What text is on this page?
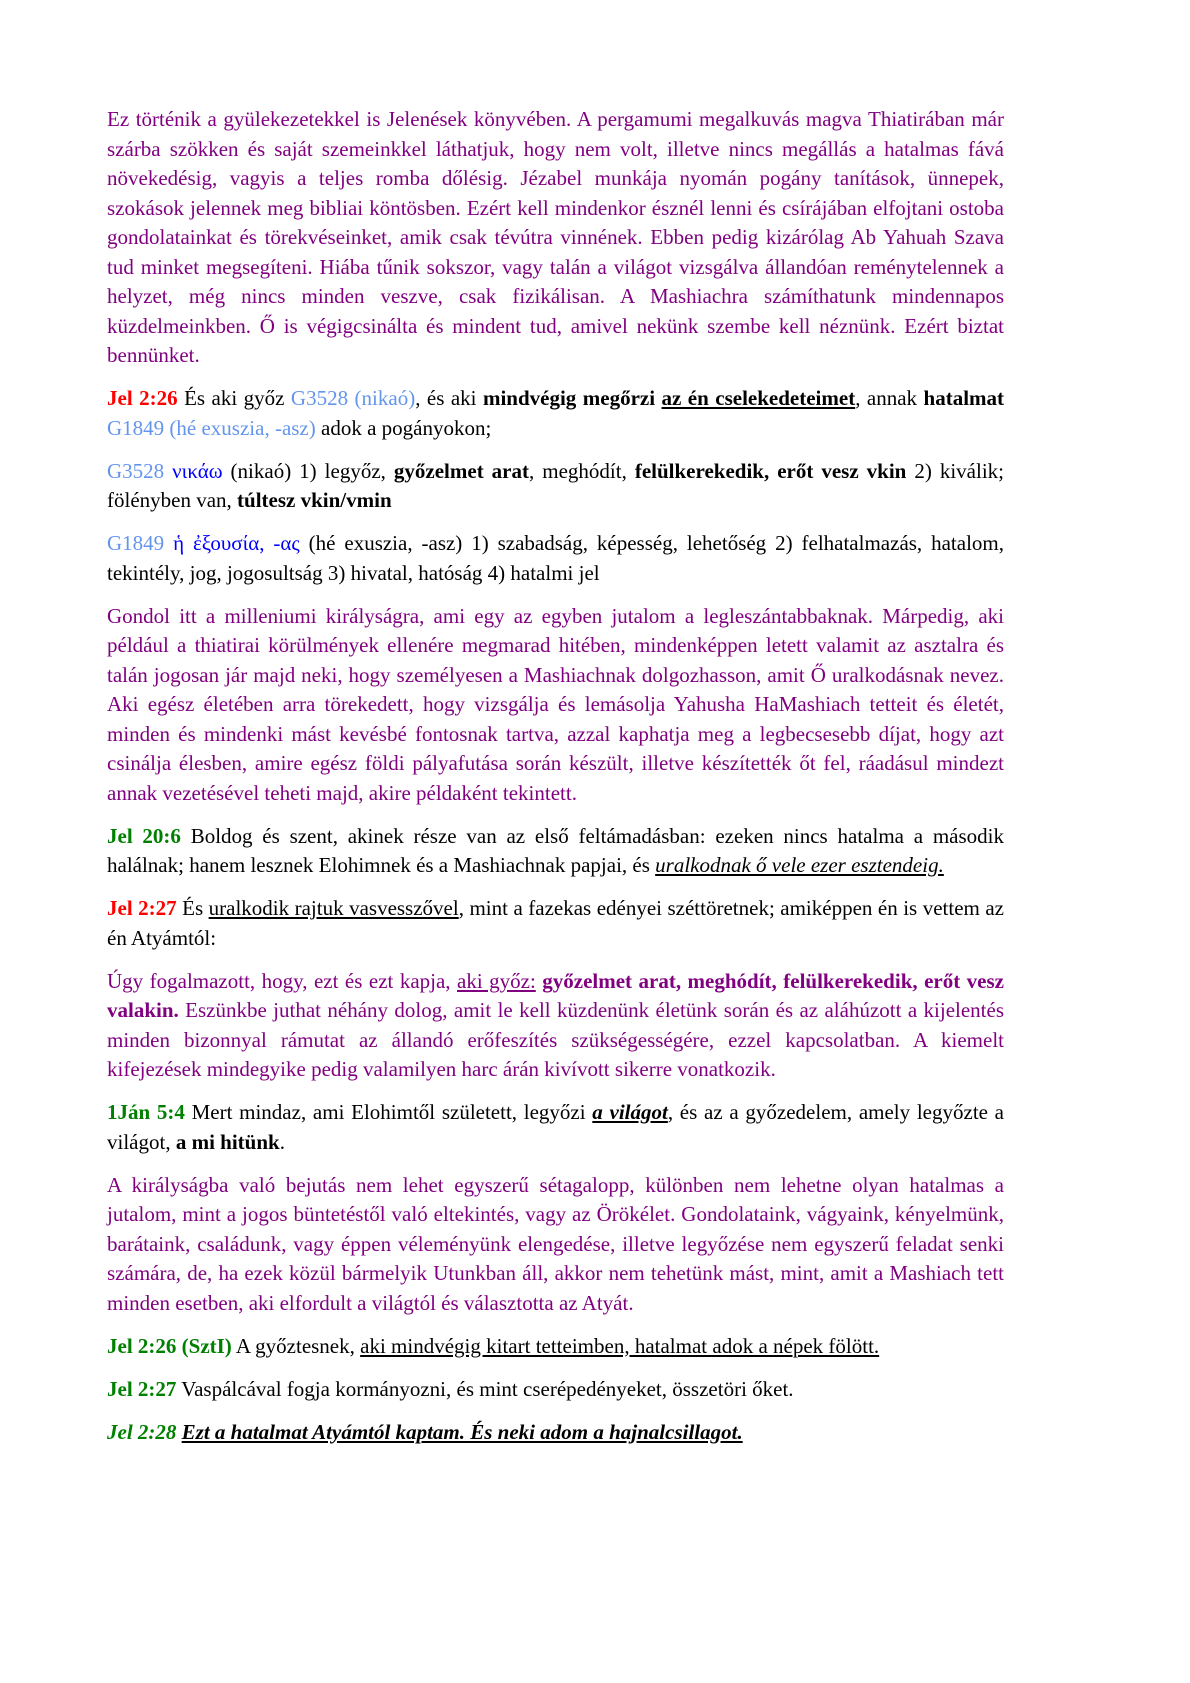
Ez történik a gyülekezetekkel is Jelenések könyvében. A pergamumi megalkuvás magva Thiatirában már szárba szökken és saját szemeinkkel láthatjuk, hogy nem volt, illetve nincs megállás a hatalmas fává növekedésig, vagyis a teljes romba dőlésig. Jézabel munkája nyomán pogány tanítások, ünnepek, szokások jelennek meg bibliai köntösben. Ezért kell mindenkor észnél lenni és csírájában elfojtani ostoba gondolatainkat és törekvéseinket, amik csak tévútra vinnének. Ebben pedig kizárólag Ab Yahuah Szava tud minket megsegíteni. Hiába tűnik sokszor, vagy talán a világot vizsgálva állandóan reménytelennek a helyzet, még nincs minden veszve, csak fizikálisan. A Mashiachra számíthatunk mindennapos küzdelmeinkben. Ő is végigcsinálta és mindent tud, amivel nekünk szembe kell néznünk. Ezért biztat bennünket.

Jel 2:26 És aki győz G3528 (nikaó), és aki mindvégig megőrzi az én cselekedeteimet, annak hatalmat G1849 (hé exuszia, -asz) adok a pogányokon;

G3528 νικάω (nikaó) 1) legyőz, győzelmet arat, meghódít, felülkerekedik, erőt vesz vkin 2) kiválik; fölényben van, túltesz vkin/vmin

G1849 ἡ ἐξουσία, -ας (hé exuszia, -asz) 1) szabadság, képesség, lehetőség 2) felhatalmazás, hatalom, tekintély, jog, jogosultság 3) hivatal, hatóság 4) hatalmi jel

Gondol itt a milleniumi királyságra, ami egy az egyben jutalom a legleszántabbaknak. Márpedig, aki például a thiatirai körülmények ellenére megmarad hitében, mindenképpen letett valamit az asztalra és talán jogosan jár majd neki, hogy személyesen a Mashiachnak dolgozhasson, amit Ő uralkodásnak nevez. Aki egész életében arra törekedett, hogy vizsgálja és lemásolja Yahusha HaMashiach tetteit és életét, minden és mindenki mást kevésbé fontosnak tartva, azzal kaphatja meg a legbecsesebb díjat, hogy azt csinálja élesben, amire egész földi pályafutása során készült, illetve készítették őt fel, ráadásul mindezt annak vezetésével teheti majd, akire példaként tekintett.

Jel 20:6 Boldog és szent, akinek része van az első feltámadásban: ezeken nincs hatalma a második halálnak; hanem lesznek Elohimnek és a Mashiachnak papjai, és uralkodnak ő vele ezer esztendeig.

Jel 2:27 És uralkodik rajtuk vasvesszővel, mint a fazekas edényei széttöretnek; amiképpen én is vettem az én Atyámtól:

Úgy fogalmazott, hogy, ezt és ezt kapja, aki győz: győzelmet arat, meghódít, felülkerekedik, erőt vesz valakin. Eszünkbe juthat néhány dolog, amit le kell küzdenünk életünk során és az aláhúzott a kijelentés minden bizonnyal rámutat az állandó erőfeszítés szükségességére, ezzel kapcsolatban. A kiemelt kifejezések mindegyike pedig valamilyen harc árán kivívott sikerre vonatkozik.

1Ján 5:4 Mert mindaz, ami Elohimtől született, legyőzi a világot, és az a győzedelem, amely legyőzte a világot, a mi hitünk.

A királyságba való bejutás nem lehet egyszerű sétagalopp, különben nem lehetne olyan hatalmas a jutalom, mint a jogos büntetéstől való eltekintés, vagy az Örökélet. Gondolataink, vágyaink, kényelmünk, barátaink, családunk, vagy éppen véleményünk elengedése, illetve legyőzése nem egyszerű feladat senki számára, de, ha ezek közül bármelyik Utunkban áll, akkor nem tehetünk mást, mint, amit a Mashiach tett minden esetben, aki elfordult a világtól és választotta az Atyát.

Jel 2:26 (SztI) A győztesnek, aki mindvégig kitart tetteimben, hatalmat adok a népek fölött.

Jel 2:27 Vaspálcával fogja kormányozni, és mint cserépedényeket, összetöri őket.

Jel 2:28 Ezt a hatalmat Atyámtól kaptam. És neki adom a hajnalcsillagot.
